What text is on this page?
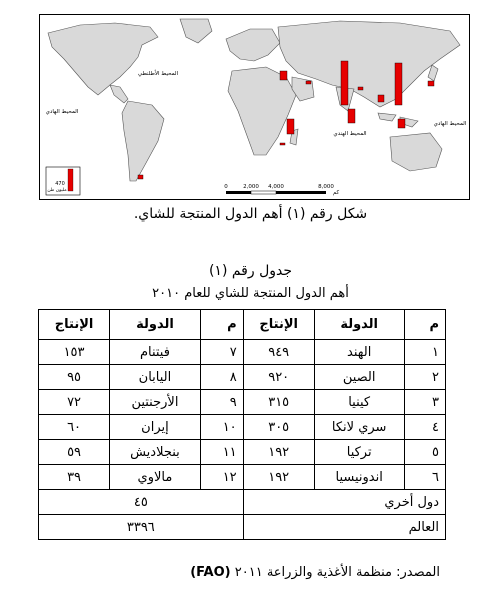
المحيط الأطلنطي
المحيط الهادي
المحيط الهندي
المحيط الهادي
470
مليون طن
0	2,000 4,000	8,000
كم
شكل رقم (١) أهم الدول المنتجة للشاي.
جدول رقم (١)
أهم الدول المنتجة للشاي للعام ٢٠١٠
م	الدولة	الإنتاج	م	الدولة	الإنتاج
١	الهند	٩٤٩	٧	فيتنام	١٥٣
٢	الصين	٩٢٠	٨	اليابان	٩٥
٣	كينيا	٣١٥	٩	الأرجنتين	٧٢
٤	سري لانكا	٣٠٥	١٠	إيران	٦٠
٥	تركيا	١٩٢	١١	بنجلاديش	٥٩
٦	اندونيسيا	١٩٢	١٢	مالاوي	٣٩
دول أخري			٤٥		
العالم			٣٣٩٦		
المصدر: منظمة الأغذية والزراعة ٢٠١١ (FAO)
